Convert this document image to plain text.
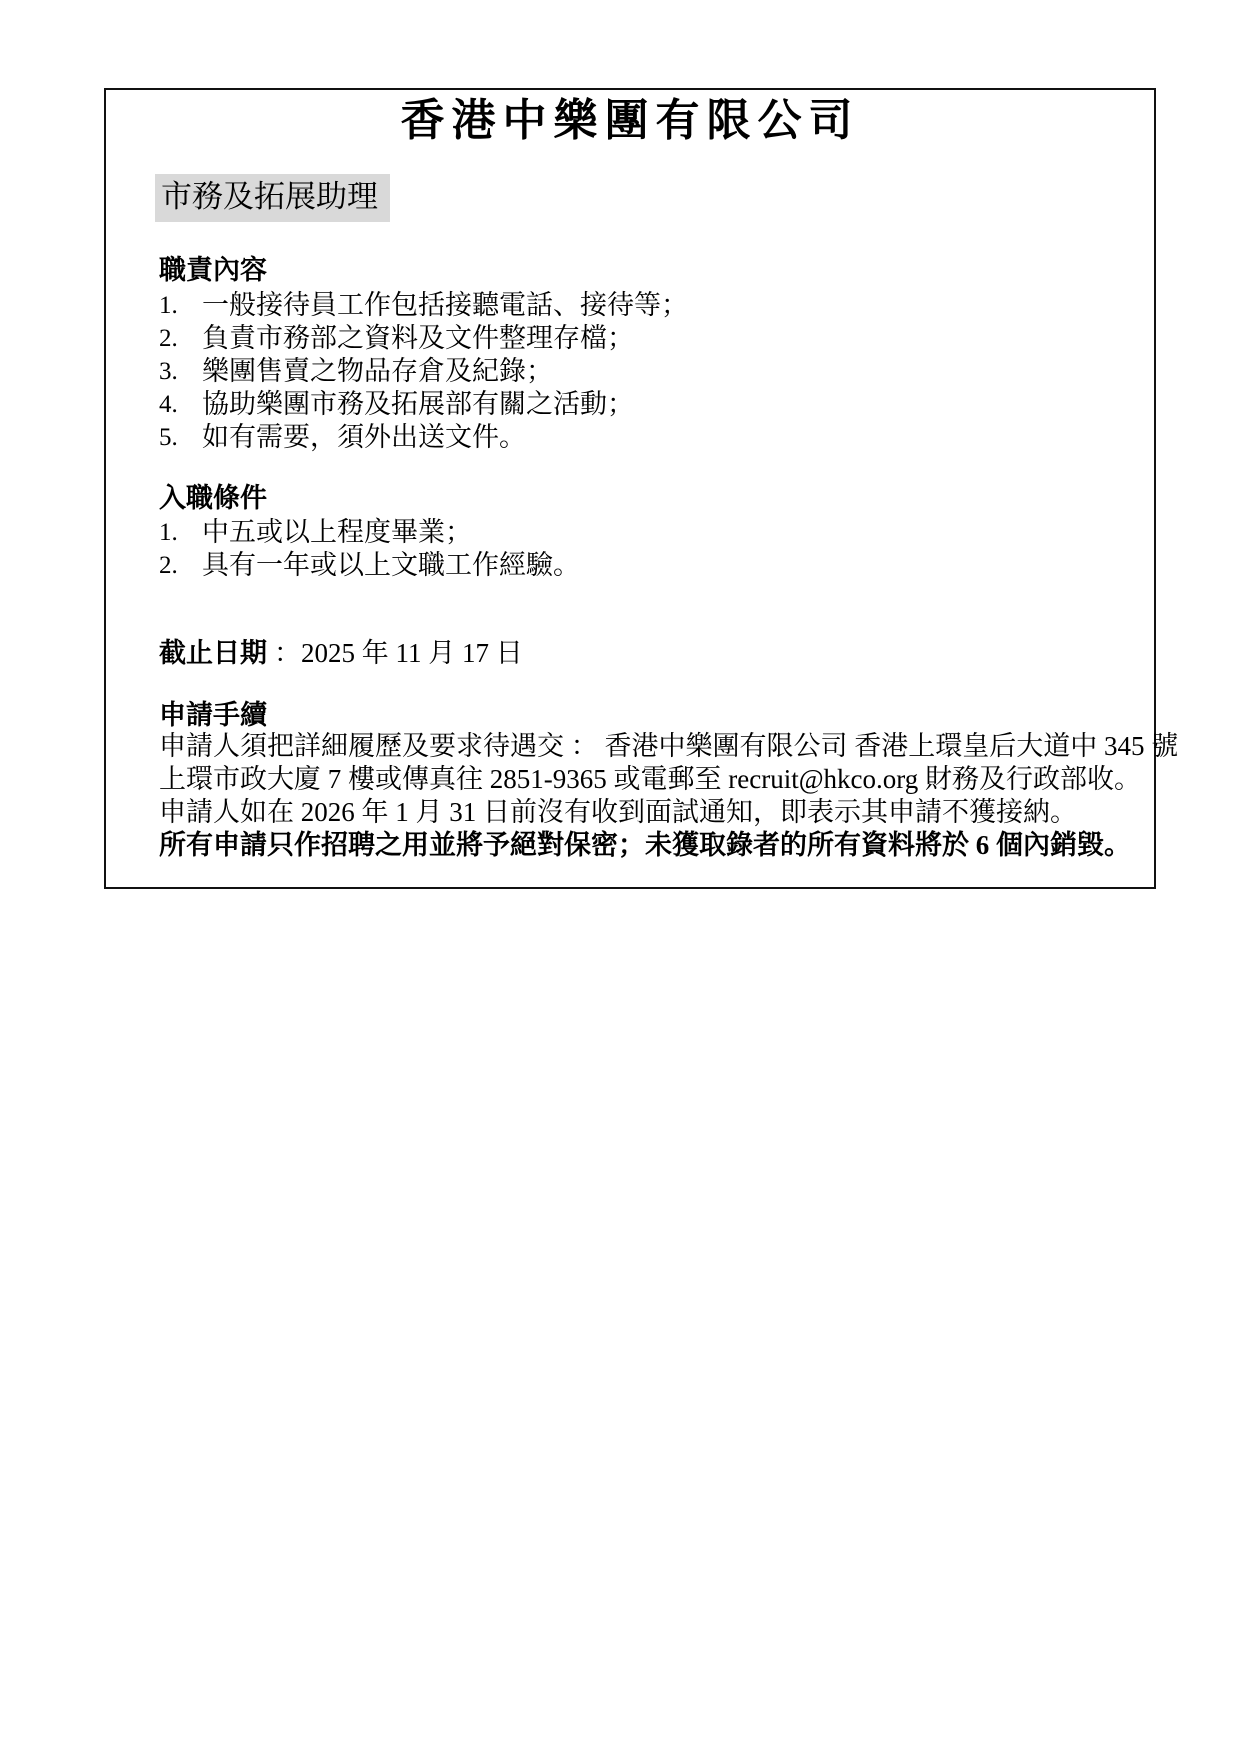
香港中樂團有限公司
市務及拓展助理
職責內容
1. 一般接待員工作包括接聽電話、接待等；
2. 負責市務部之資料及文件整理存檔；
3. 樂團售賣之物品存倉及紀錄；
4. 協助樂團市務及拓展部有關之活動；
5. 如有需要，須外出送文件。
入職條件
1. 中五或以上程度畢業；
2. 具有一年或以上文職工作經驗。
截止日期 ：2025 年 11 月 17 日
申請手續
申請人須把詳細履歷及要求待遇交 ： 香港中樂團有限公司 香港上環皇后大道中 345 號
上環市政大廈 7 樓或傳真往 2851-9365 或電郵至 recruit@hkco.org 財務及行政部收。
申請人如在 2026 年 1 月 31 日前沒有收到面試通知，即表示其申請不獲接納。
所有申請只作招聘之用並將予絕對保密；未獲取錄者的所有資料將於 6 個內銷毀。
